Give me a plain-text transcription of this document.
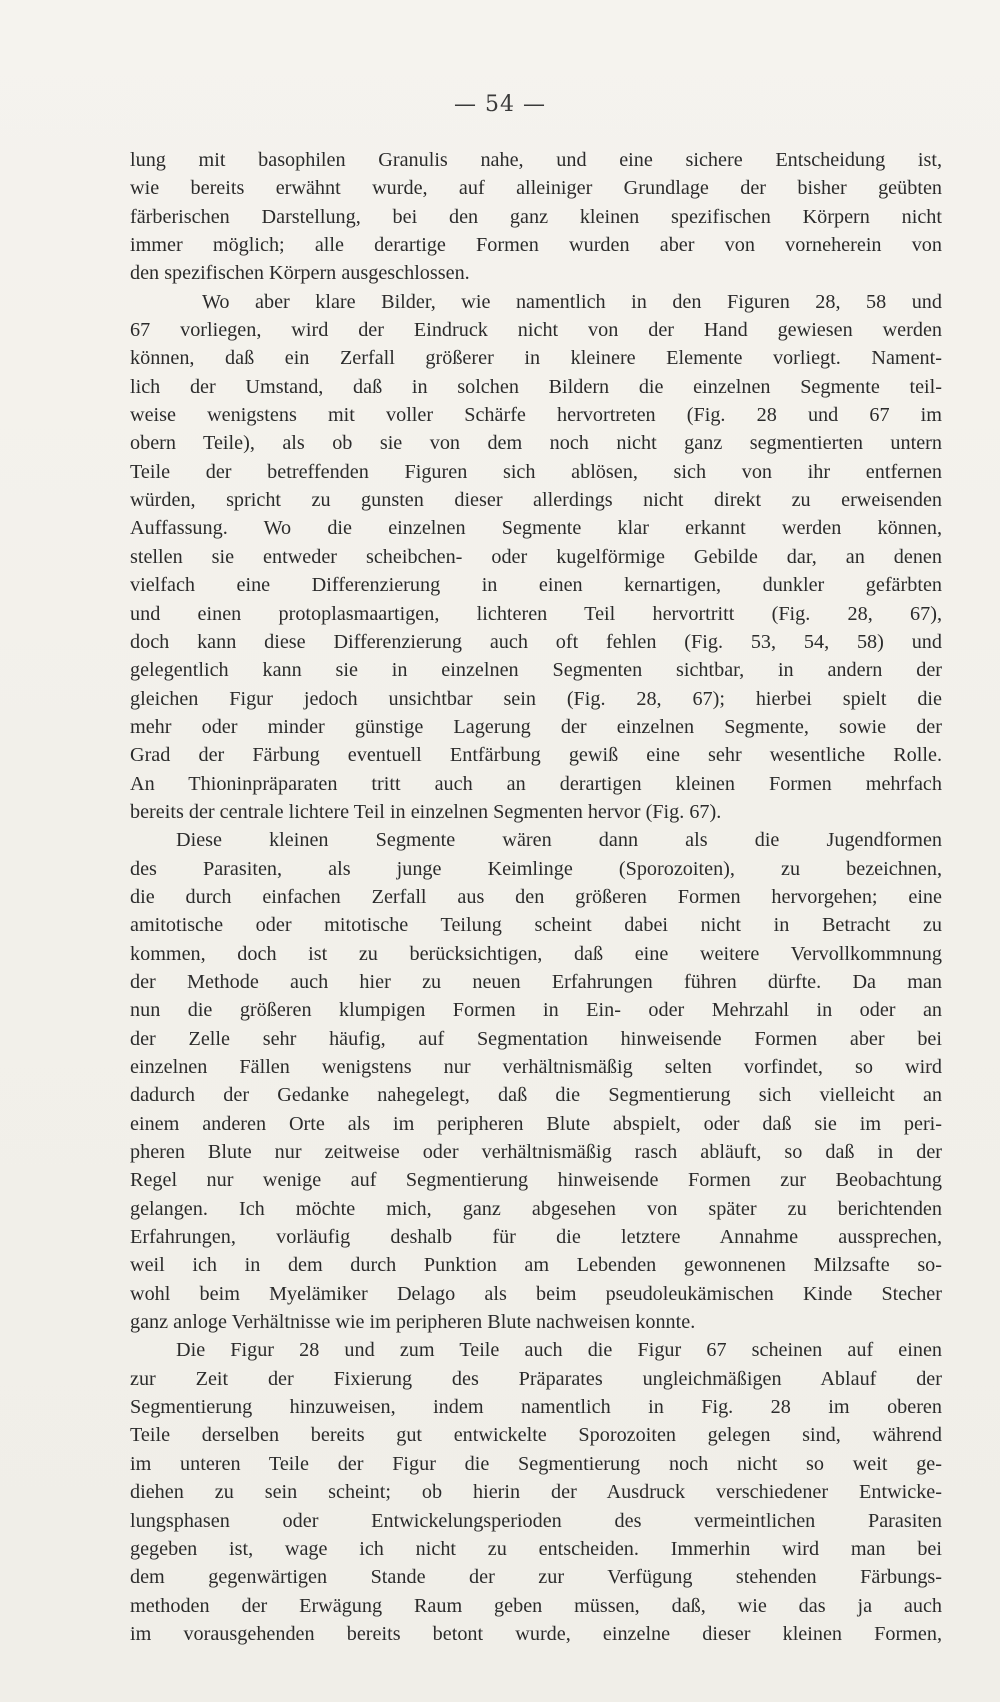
— 54 —
lung mit basophilen Granulis nahe, und eine sichere Entscheidung ist,
wie bereits erwähnt wurde, auf alleiniger Grundlage der bisher geübten
färberischen Darstellung, bei den ganz kleinen spezifischen Körpern nicht
immer möglich; alle derartige Formen wurden aber von vorneherein von
den spezifischen Körpern ausgeschlossen.
Wo aber klare Bilder, wie namentlich in den Figuren 28, 58 und
67 vorliegen, wird der Eindruck nicht von der Hand gewiesen werden
können, daß ein Zerfall größerer in kleinere Elemente vorliegt. Nament-
lich der Umstand, daß in solchen Bildern die einzelnen Segmente teil-
weise wenigstens mit voller Schärfe hervortreten (Fig. 28 und 67 im
obern Teile), als ob sie von dem noch nicht ganz segmentierten untern
Teile der betreffenden Figuren sich ablösen, sich von ihr entfernen
würden, spricht zu gunsten dieser allerdings nicht direkt zu erweisenden
Auffassung. Wo die einzelnen Segmente klar erkannt werden können,
stellen sie entweder scheibchen- oder kugelförmige Gebilde dar, an denen
vielfach eine Differenzierung in einen kernartigen, dunkler gefärbten
und einen protoplasmaartigen, lichteren Teil hervortritt (Fig. 28, 67),
doch kann diese Differenzierung auch oft fehlen (Fig. 53, 54, 58) und
gelegentlich kann sie in einzelnen Segmenten sichtbar, in andern der
gleichen Figur jedoch unsichtbar sein (Fig. 28, 67); hierbei spielt die
mehr oder minder günstige Lagerung der einzelnen Segmente, sowie der
Grad der Färbung eventuell Entfärbung gewiß eine sehr wesentliche Rolle.
An Thioninpräparaten tritt auch an derartigen kleinen Formen mehrfach
bereits der centrale lichtere Teil in einzelnen Segmenten hervor (Fig. 67).
Diese kleinen Segmente wären dann als die Jugendformen
des Parasiten, als junge Keimlinge (Sporozoiten), zu bezeichnen,
die durch einfachen Zerfall aus den größeren Formen hervorgehen; eine
amitotische oder mitotische Teilung scheint dabei nicht in Betracht zu
kommen, doch ist zu berücksichtigen, daß eine weitere Vervollkommnung
der Methode auch hier zu neuen Erfahrungen führen dürfte. Da man
nun die größeren klumpigen Formen in Ein- oder Mehrzahl in oder an
der Zelle sehr häufig, auf Segmentation hinweisende Formen aber bei
einzelnen Fällen wenigstens nur verhältnismäßig selten vorfindet, so wird
dadurch der Gedanke nahegelegt, daß die Segmentierung sich vielleicht an
einem anderen Orte als im peripheren Blute abspielt, oder daß sie im peri-
pheren Blute nur zeitweise oder verhältnismäßig rasch abläuft, so daß in der
Regel nur wenige auf Segmentierung hinweisende Formen zur Beobachtung
gelangen. Ich möchte mich, ganz abgesehen von später zu berichtenden
Erfahrungen, vorläufig deshalb für die letztere Annahme aussprechen,
weil ich in dem durch Punktion am Lebenden gewonnenen Milzsafte so-
wohl beim Myelämiker Delago als beim pseudoleukämischen Kinde Stecher
ganz anloge Verhältnisse wie im peripheren Blute nachweisen konnte.
Die Figur 28 und zum Teile auch die Figur 67 scheinen auf einen
zur Zeit der Fixierung des Präparates ungleichmäßigen Ablauf der
Segmentierung hinzuweisen, indem namentlich in Fig. 28 im oberen
Teile derselben bereits gut entwickelte Sporozoiten gelegen sind, während
im unteren Teile der Figur die Segmentierung noch nicht so weit ge-
diehen zu sein scheint; ob hierin der Ausdruck verschiedener Entwicke-
lungsphasen oder Entwickelungsperioden des vermeintlichen Parasiten
gegeben ist, wage ich nicht zu entscheiden. Immerhin wird man bei
dem gegenwärtigen Stande der zur Verfügung stehenden Färbungs-
methoden der Erwägung Raum geben müssen, daß, wie das ja auch
im vorausgehenden bereits betont wurde, einzelne dieser kleinen Formen,
